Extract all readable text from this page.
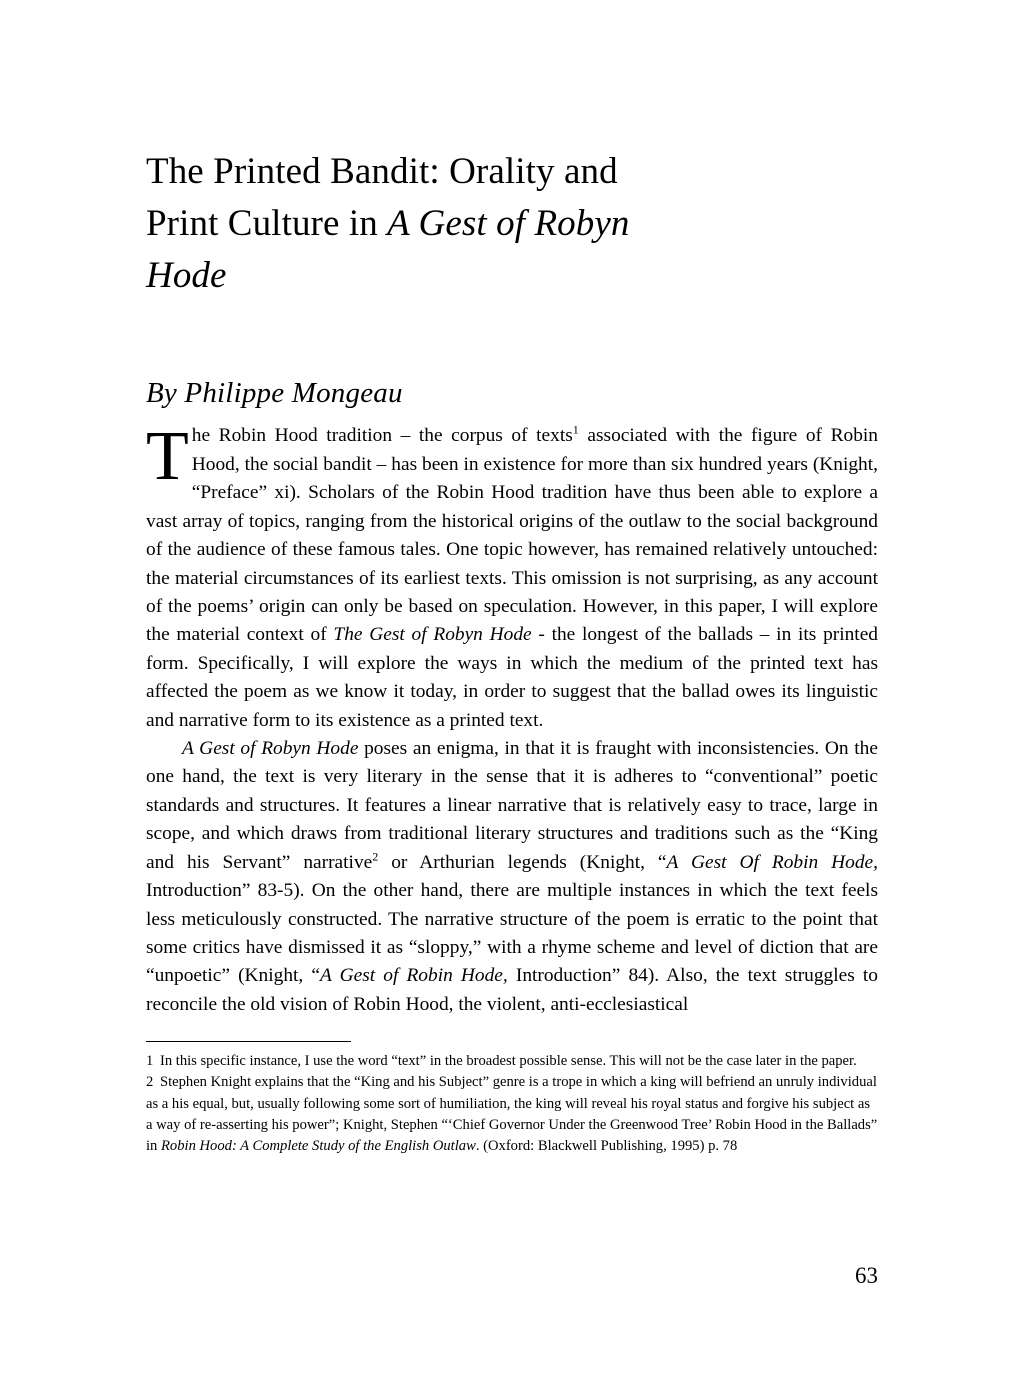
The Printed Bandit: Orality and
Print Culture in A Gest of Robyn
Hode
By Philippe Mongeau

The Robin Hood tradition – the corpus of texts$^1$ associated with the figure of Robin Hood, the social bandit – has been in existence for more than six hundred years (Knight, “Preface” xi). Scholars of the Robin Hood tradition have thus been able to explore a vast array of topics, ranging from the historical origins of the outlaw to the social background of the audience of these famous tales. One topic however, has remained relatively untouched: the material circumstances of its earliest texts. This omission is not surprising, as any account of the poems’ origin can only be based on speculation. However, in this paper, I will explore the material context of The Gest of Robyn Hode - the longest of the ballads – in its printed form. Specifically, I will explore the ways in which the medium of the printed text has affected the poem as we know it today, in order to suggest that the ballad owes its linguistic and narrative form to its existence as a printed text.

A Gest of Robyn Hode poses an enigma, in that it is fraught with inconsistencies. On the one hand, the text is very literary in the sense that it is adheres to “conventional” poetic standards and structures. It features a linear narrative that is relatively easy to trace, large in scope, and which draws from traditional literary structures and traditions such as the “King and his Servant” narrative$^2$ or Arthurian legends (Knight, “A Gest Of Robin Hode, Introduction” 83-5). On the other hand, there are multiple instances in which the text feels less meticulously constructed. The narrative structure of the poem is erratic to the point that some critics have dismissed it as “sloppy,” with a rhyme scheme and level of diction that are “unpoetic” (Knight, “A Gest of Robin Hode, Introduction” 84). Also, the text struggles to reconcile the old vision of Robin Hood, the violent, anti-ecclesiastical

1 In this specific instance, I use the word “text” in the broadest possible sense. This will not be the case later in the paper.

2 Stephen Knight explains that the “King and his Subject” genre is a trope in which a king will befriend an unruly individual as a his equal, but, usually following some sort of humiliation, the king will reveal his royal status and forgive his subject as a way of re-asserting his power”; Knight, Stephen “‘Chief Governor Under the Greenwood Tree’ Robin Hood in the Ballads” in Robin Hood: A Complete Study of the English Outlaw. (Oxford: Blackwell Publishing, 1995) p. 78

63
